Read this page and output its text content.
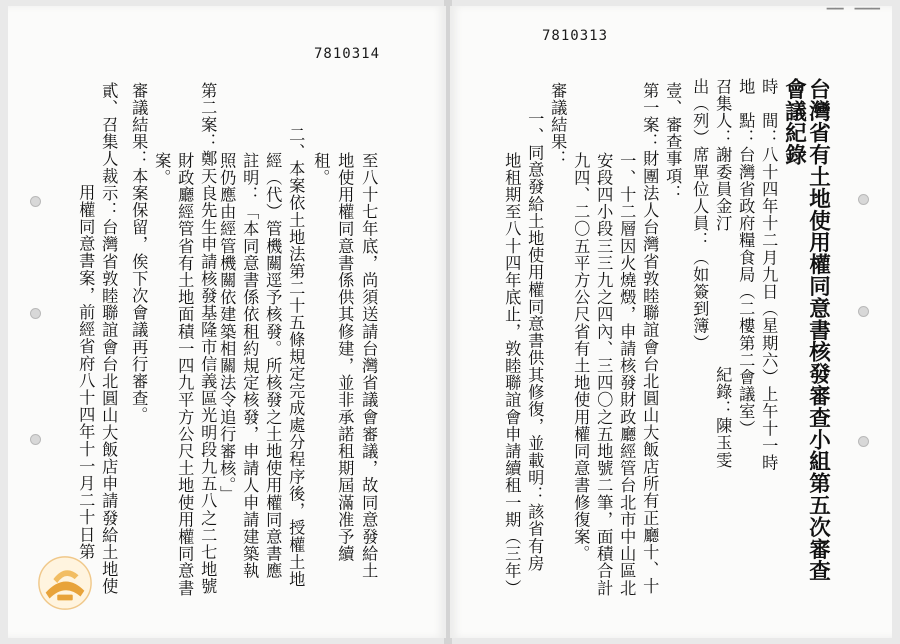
7810314
至八十七年底，尚須送請台灣省議會審議，故同意發給土
地使用權同意書係供其修建，並非承諾租期屆滿准予續
租。
二、本案依土地法第二十五條規定完成處分程序後，授權土地
經（代）管機關逕予核發。所核發之土地使用權同意書應
註明：「本同意書係依租約規定核發，申請人申請建築執
照仍應由經管機關依建築相關法令追行審核。」
第二案：鄭天良先生申請核發基隆市信義區光明段九五八之二七地號
財政廳經管省有土地面積一四九平方公尺土地使用權同意書
案。
審議結果：本案保留，俟下次會議再行審查。
貳、召集人裁示：台灣省敦睦聯誼會台北圓山大飯店申請發給土地使
用權同意書案，前經省府八十四年十一月二十日第
▔▔　▔▔▔
7810313
台灣省有土地使用權同意書核發審查小組第五次審查
會議紀錄
時　間：八十四年十二月九日（星期六）上午十一時
地　點：台灣省政府糧食局（二樓第二會議室）
召集人：謝委員金汀
紀錄：陳玉雯
出（列）席單位人員：（如簽到簿）
壹、審查事項：
第一案：財團法人台灣省敦睦聯誼會台北圓山大飯店所有正廳十、十
一、十二層因火燒燬，申請核發財政廳經管台北市中山區北
安段四小段三三九之四內、三四〇之五地號二筆，面積合計
九四、二〇五平方公尺省有土地使用權同意書修復案。
審議結果：
一、同意發給土地使用權同意書供其修復，並載明：該省有房
地租期至八十四年底止，敦睦聯誼會申請續租一期（三年）
